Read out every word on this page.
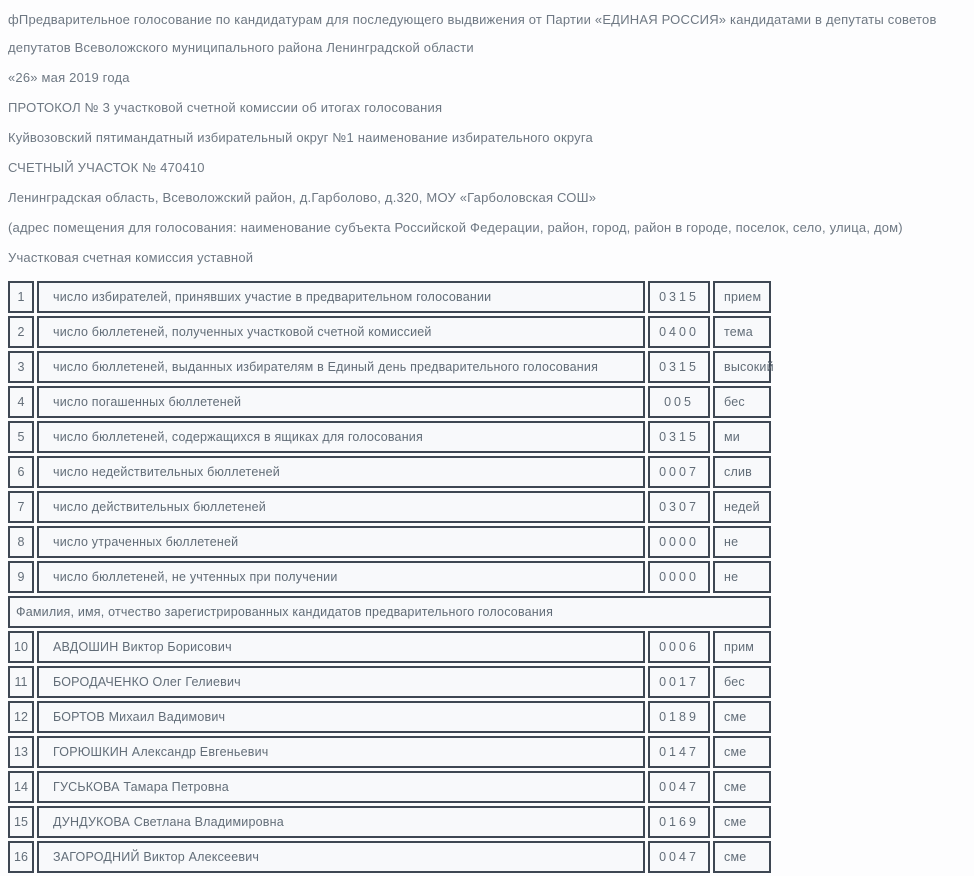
фПредварительное голосование по кандидатурам для последующего выдвижения от Партии «ЕДИНАЯ РОССИЯ» кандидатами в депутаты советов депутатов Всеволожского муниципального района Ленинградской области

«26» мая 2019 года

ПРОТОКОЛ № 3 участковой счетной комиссии об итогах голосования

Куйвозовский пятимандатный избирательный округ №1 наименование избирательного округа

СЧЕТНЫЙ УЧАСТОК № 470410

Ленинградская область, Всеволожский район, д.Гарболово, д.320, МОУ «Гарболовская СОШ»

(адрес помещения для голосования: наименование субъекта Российской Федерации, район, город, район в городе, поселок, село, улица, дом)

Участковая счетная комиссия уставной

1	число избирателей, принявших участие в предварительном голосовании	0315	прием
2	число бюллетеней, полученных участковой счетной комиссией	0400	тема
3	число бюллетеней, выданных избирателям в Единый день предварительного голосования	0315	высокий
4	число погашенных бюллетеней	005	бес
5	число бюллетеней, содержащихся в ящиках для голосования	0315	ми
6	число недействительных бюллетеней	0007	слив
7	число действительных бюллетеней	0307	недей
8	число утраченных бюллетеней	0000	не
9	число бюллетеней, не учтенных при получении	0000	не
Фамилия, имя, отчество зарегистрированных кандидатов предварительного голосования			
10	АВДОШИН Виктор Борисович	0006	прим
11	БОРОДАЧЕНКО Олег Гелиевич	0017	бес
12	БОРТОВ Михаил Вадимович	0189	сме
13	ГОРЮШКИН Александр Евгеньевич	0147	сме
14	ГУСЬКОВА Тамара Петровна	0047	сме
15	ДУНДУКОВА Светлана Владимировна	0169	сме
16	ЗАГОРОДНИЙ Виктор Алексеевич	0047	сме
